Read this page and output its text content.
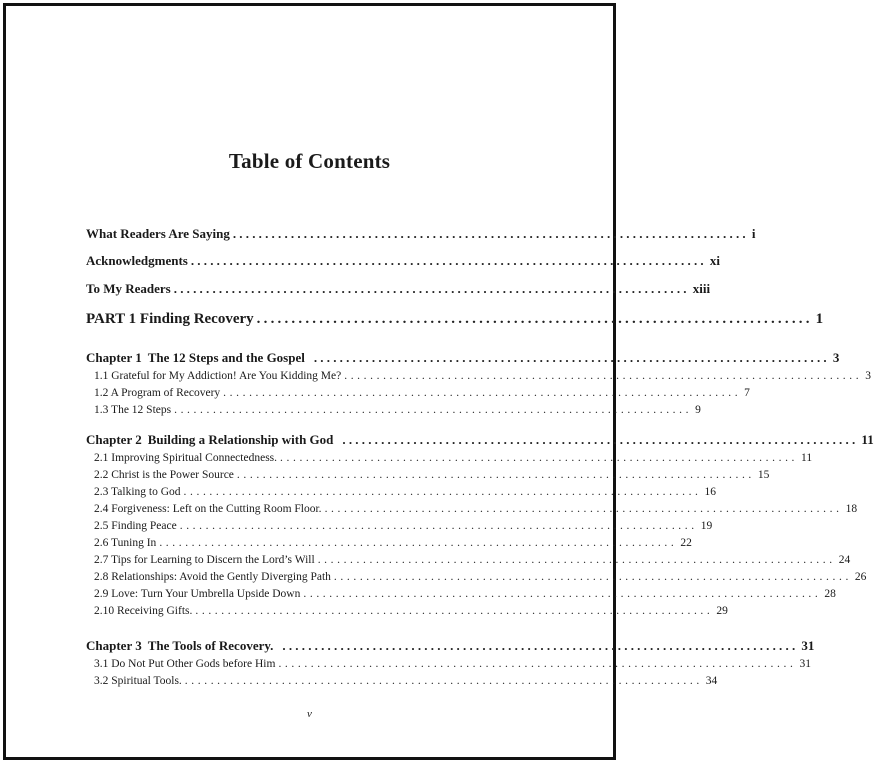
Table of Contents
What Readers Are Saying ................................................................................ i
Acknowledgments ................................................................................ xi
To My Readers ................................................................................ xiii
PART 1 Finding Recovery ................................................................................ 1
Chapter 1 The 12 Steps and the Gospel ................................................................................ 3
1.1 Grateful for My Addiction! Are You Kidding Me? ................................................................................ 3
1.2 A Program of Recovery ................................................................................ 7
1.3 The 12 Steps ................................................................................ 9
Chapter 2 Building a Relationship with God ................................................................................ 11
2.1 Improving Spiritual Connectedness. ................................................................................ 11
2.2 Christ is the Power Source ................................................................................ 15
2.3 Talking to God ................................................................................ 16
2.4 Forgiveness: Left on the Cutting Room Floor. ................................................................................ 18
2.5 Finding Peace ................................................................................ 19
2.6 Tuning In ................................................................................ 22
2.7 Tips for Learning to Discern the Lord’s Will ................................................................................ 24
2.8 Relationships: Avoid the Gently Diverging Path ................................................................................ 26
2.9 Love: Turn Your Umbrella Upside Down ................................................................................ 28
2.10 Receiving Gifts. ................................................................................ 29
Chapter 3 The Tools of Recovery. ................................................................................ 31
3.1 Do Not Put Other Gods before Him ................................................................................ 31
3.2 Spiritual Tools. ................................................................................ 34
v
